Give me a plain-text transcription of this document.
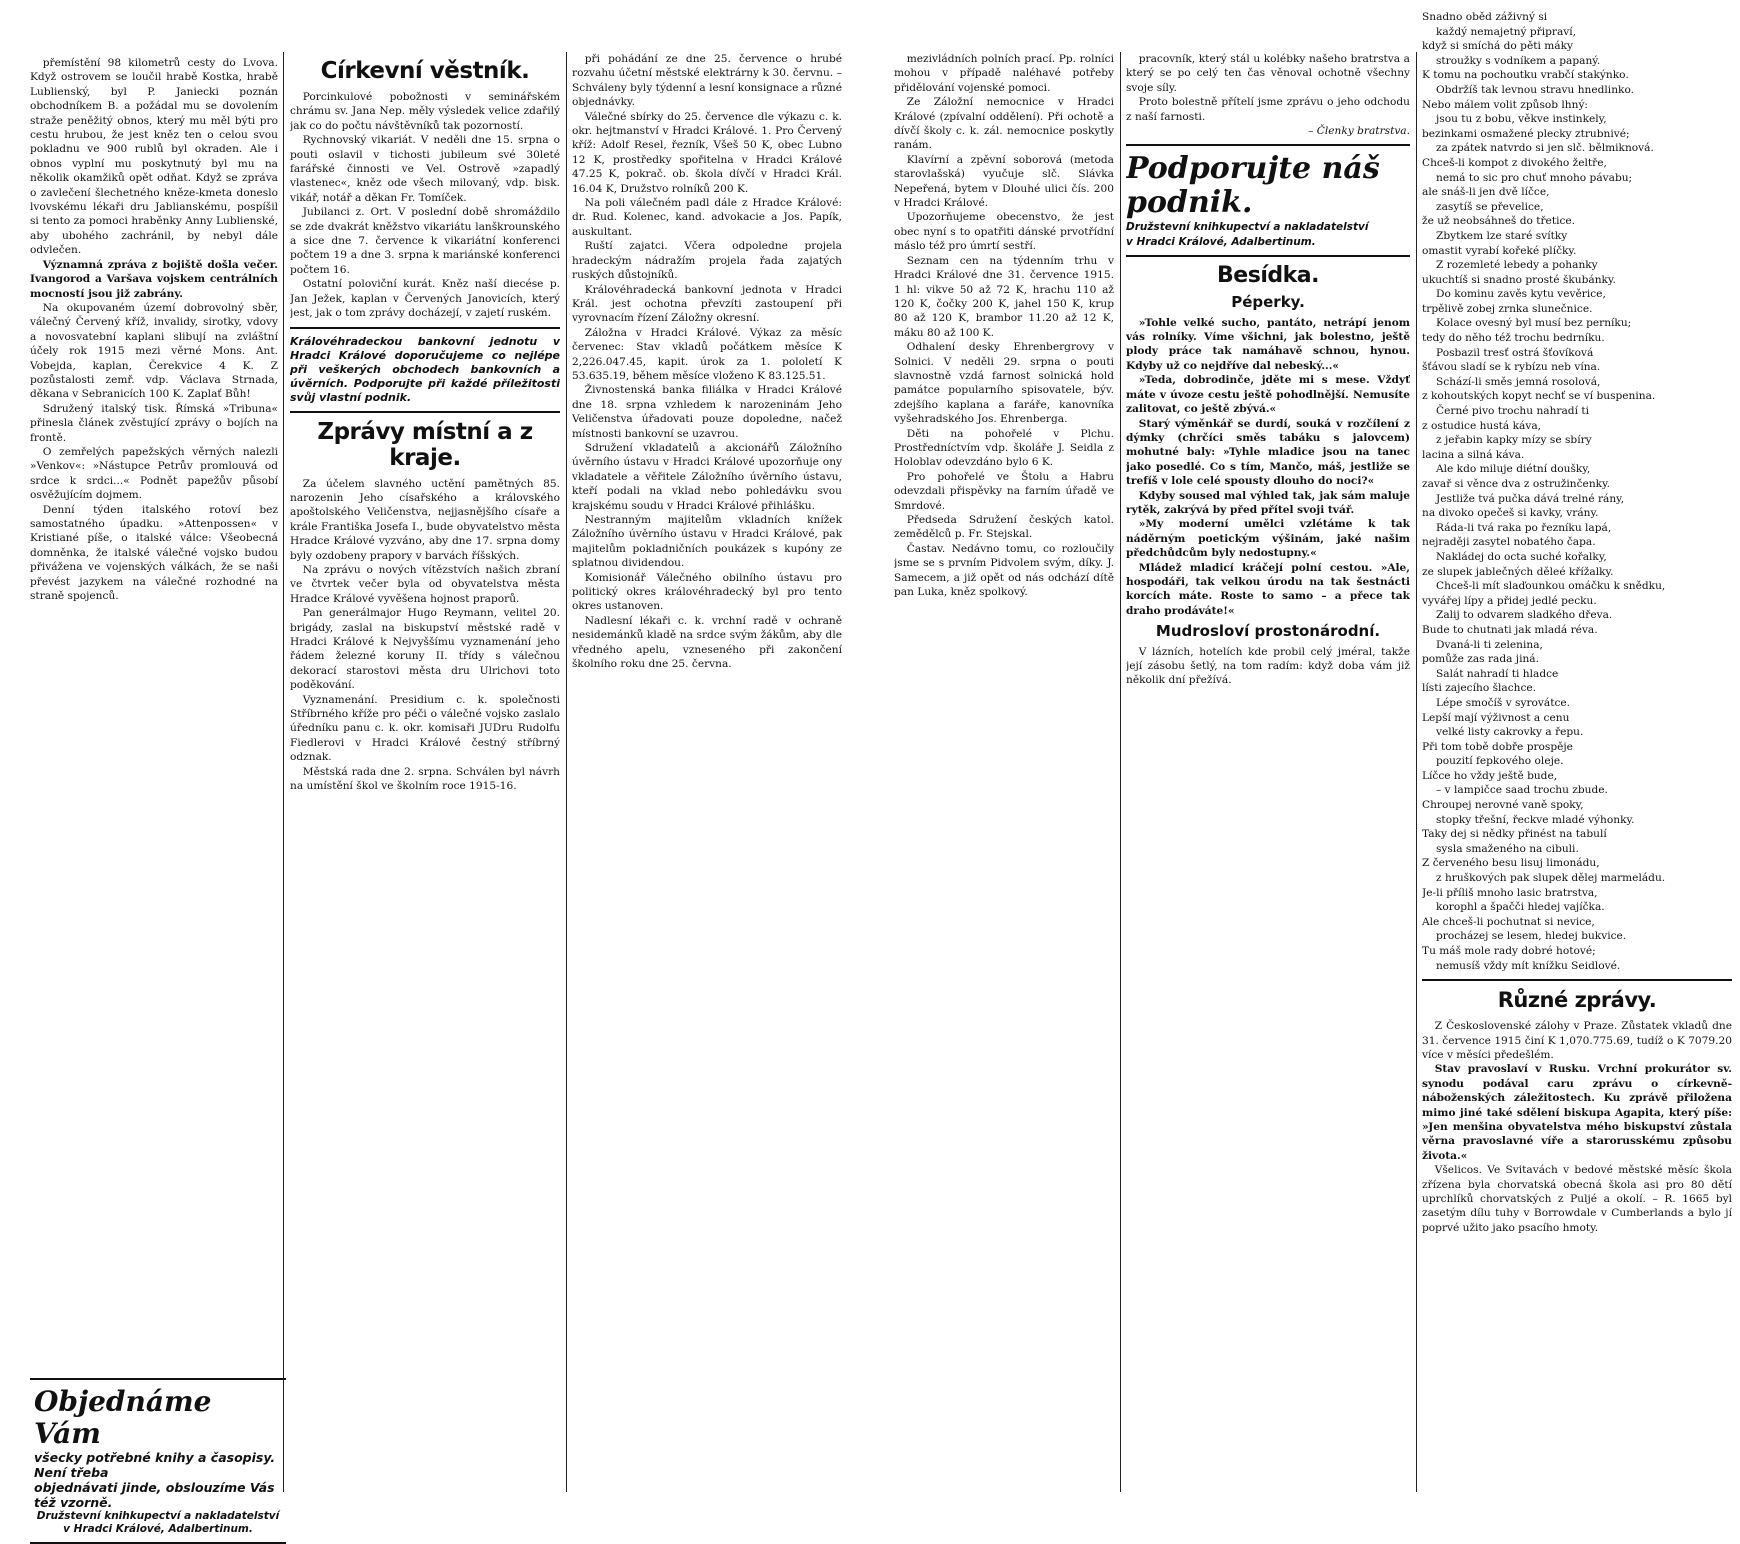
přemístění 98 kilometrů cesty do Lvova. Když ostrovem se loučil hrabě Kostka, hrabě Lublienský, byl P. Janiecki poznán obchodníkem B. a požádal mu se dovolením straže peněžitý obnos, který mu měl býti pro cestu hrubou, že jest kněz ten o celou svou pokladnu ve 900 rublů byl okraden. Ale i obnos vyplní mu poskytnutý byl mu na několik okamžiků opět odňat. Když se zpráva o zavlečení šlechetného kněze-kmeta doneslo lvovskému lékaři dru Jablianskému, pospíšil si tento za pomoci hraběnky Anny Lublienské, aby ubohého zachránil, by nebyl dále odvlečen.

Významná zpráva z bojiště došla večer. Ivangorod a Varšava vojskem centrálních mocností jsou již zabrány.

Na okupovaném území dobrovolný sběr, válečný Červený kříž, invalidy, sirotky, vdovy a novosvatební kaplani slibují na zvláštní účely rok 1915 mezi věrné Mons. Ant. Vobejda, kaplan, Čerekvice 4 K. Z pozůstalosti zemř. vdp. Václava Strnada, děkana v Sebranicích 100 K. Zaplať Bůh!

Sdružený italský tisk. Římská »Tribuna« přinesla článek zvěstující zprávy o bojích na frontě.

O zemřelých papežských věrných nalezli »Venkov«: »Nástupce Petrův promlouvá od srdce k srdci...« Podnět papežův působí osvěžujícím dojmem.

Denní týden italského rotoví bez samostatného úpadku. »Attenpossen« v Kristiané píše, o italské válce: Všeobecná domněnka, že italské válečné vojsko budou přivážena ve vojenských válkách, že se naši převést jazykem na válečné rozhodné na straně spojenců.

Objednáme Vám
všecky potřebné knihy a časopisy. Není třeba
objednávati jinde, obslouzíme Vás též vzorně.
Družstevní knihkupectví a nakladatelství
v Hradci Králové, Adalbertinum.
Církevní věstník.

Porcinkulové pobožnosti v seminářském chrámu sv. Jana Nep. měly výsledek velice zdařilý jak co do počtu návštěvníků tak pozorností.

Rychnovský vikariát. V neděli dne 15. srpna o pouti oslavil v tichosti jubileum své 30leté farářské činnosti ve Vel. Ostrově »zapadlý vlastenec«, kněz ode všech milovaný, vdp. bisk. vikář, notář a děkan Fr. Tomíček.

Jubilanci z. Ort. V poslední době shromáždilo se zde dvakrát kněžstvo vikariátu lanškrounského a sice dne 7. července k vikariátní konferenci počtem 19 a dne 3. srpna k mariánské konferenci počtem 16.

Ostatní poloviční kurát. Kněz naší diecése p. Jan Ježek, kaplan v Červených Janovicích, který jest, jak o tom zprávy docházejí, v zajetí ruském.

Královéhradeckou bankovní jednotu v Hradci Králové doporučujeme co nejlépe při veškerých obchodech bankovních a úvěrních. Podporujte při každé příležitosti svůj vlastní podnik.
Zprávy místní a z kraje.

Za účelem slavného uctění pamětných 85. narozenin Jeho císařského a královského apoštolského Veličenstva, nejjasnějšího císaře a krále Františka Josefa I., bude obyvatelstvo města Hradce Králové vyzváno, aby dne 17. srpna domy byly ozdobeny prapory v barvách říšských.

Na zprávu o nových vítězstvích našich zbraní ve čtvrtek večer byla od obyvatelstva města Hradce Králové vyvěšena hojnost praporů.

Pan generálmajor Hugo Reymann, velitel 20. brigády, zaslal na biskupství městské radě v Hradci Králové k Nejvyššímu vyznamenání jeho řádem železné koruny II. třídy s válečnou dekorací starostovi města dru Ulrichovi toto poděkování.

Vyznamenání. Presidium c. k. společnosti Stříbrného kříže pro péči o válečné vojsko zaslalo úředníku panu c. k. okr. komisaři JUDru Rudolfu Fiedlerovi v Hradci Králové čestný stříbrný odznak.

Městská rada dne 2. srpna. Schválen byl návrh na umístění škol ve školním roce 1915-16.

při pohádání ze dne 25. července o hrubé rozvahu účetní městské elektrárny k 30. červnu. – Schváleny byly týdenní a lesní konsignace a různé objednávky.

Válečné sbírky do 25. července dle výkazu c. k. okr. hejtmanství v Hradci Králové. 1. Pro Červený kříž: Adolf Resel, řezník, Všeš 50 K, obec Lubno 12 K, prostředky spořitelna v Hradci Králové 47.25 K, pokrač. ob. škola dívčí v Hradci Král. 16.04 K, Družstvo rolníků 200 K.

Na poli válečném padl dále z Hradce Králové: dr. Rud. Kolenec, kand. advokacie a Jos. Papík, auskultant.

Ruští zajatci. Včera odpoledne projela hradeckým nádražím projela řada zajatých ruských důstojníků.

Královéhradecká bankovní jednota v Hradci Král. jest ochotna převzíti zastoupení při vyrovnacím řízení Záložny okresní.

Záložna v Hradci Králové. Výkaz za měsíc červenec: Stav vkladů počátkem měsíce K 2,226.047.45, kapit. úrok za 1. pololetí K 53.635.19, během měsíce vloženo K 83.125.51.

Živnostenská banka filiálka v Hradci Králové dne 18. srpna vzhledem k narozeninám Jeho Veličenstva úřadovati pouze dopoledne, načež místnosti bankovní se uzavrou.

Sdružení vkladatelů a akcionářů Záložního úvěrního ústavu v Hradci Králové upozorňuje ony vkladatele a věřitele Záložního úvěrního ústavu, kteří podali na vklad nebo pohledávku svou krajskému soudu v Hradci Králové přihlášku.

Nestranným majitelům vkladních knížek Záložního úvěrního ústavu v Hradci Králové, pak majitelům pokladničních poukázek s kupóny ze splatnou dividendou.

Komisionář Válečného obilního ústavu pro politický okres královéhradecký byl pro tento okres ustanoven.

Nadlesní lékaři c. k. vrchní radě v ochraně nesidemánků kladě na srdce svým žákům, aby dle vředného apelu, vzneseného při zakončení školního roku dne 25. června.

mezivládních polních prací. Pp. rolníci mohou v případě naléhavé potřeby přidělování vojenské pomoci.

Ze Záložní nemocnice v Hradci Králové (zpívalní oddělení). Při ochotě a dívčí školy c. k. zál. nemocnice poskytly ranám.

Klavírní a zpěvní soborová (metoda starovlašská) vyučuje slč. Slávka Nepeřená, bytem v Dlouhé ulici čís. 200 v Hradci Králové.

Upozorňujeme obecenstvo, že jest obec nyní s to opatřiti dánské prvotřídní máslo též pro úmrtí sestří.

Seznam cen na týdenním trhu v Hradci Králové dne 31. července 1915. 1 hl: vikve 50 až 72 K, hrachu 110 až 120 K, čočky 200 K, jahel 150 K, krup 80 až 120 K, brambor 11.20 až 12 K, máku 80 až 100 K.

Odhalení desky Ehrenbergrovy v Solnici. V neděli 29. srpna o pouti slavnostně vzdá farnost solnická hold památce popularního spisovatele, býv. zdejšího kaplana a faráře, kanovníka vyšehradského Jos. Ehrenberga.

Děti na pohořelé v Plchu. Prostředníctvím vdp. školáře J. Seidla z Holoblav odevzdáno bylo 6 K.

Pro pohořelé ve Štolu a Habru odevzdali přispěvky na farním úřadě ve Smrdové.

Předseda Sdružení českých katol. zemědělců p. Fr. Stejskal.

Častav. Nedávno tomu, co rozloučily jsme se s prvním Pidvolem svým, díky. J. Samecem, a již opět od nás odchází dítě pan Luka, kněz spolkový.

pracovník, který stál u kolébky našeho bratrstva a který se po celý ten čas věnoval ochotně všechny svoje síly.

Proto bolestně přítelí jsme zprávu o jeho odchodu z naší farnosti.

– Členky bratrstva.
Podporujte náš podnik.
Družstevní knihkupectví a nakladatelství
v Hradci Králové, Adalbertinum.
Besídka.
Péperky.

»Tohle velké sucho, pantáto, netrápí jenom vás rolníky. Víme všichni, jak bolestno, ještě plody práce tak namáhavě schnou, hynou. Kdyby už co nejdříve dal nebeský...«

»Teda, dobrodinče, jděte mi s mese. Vždyť máte v úvoze cestu ještě pohodlnější. Nemusíte zalitovat, co ještě zbývá.«

Starý výměnkář se durdí, souká v rozčílení z dýmky (chrčíci směs tabáku s jalovcem) mohutné baly: »Tyhle mladice jsou na tanec jako posedlé. Co s tím, Mančo, máš, jestliže se trefíš v lole celé spousty dlouho do noci?«

Kdyby soused mal výhled tak, jak sám maluje rytěk, zakrývá by před přítel svoji tvář.

»My moderní umělci vzlétáme k tak náděrným poetickým výšinám, jaké našim předchůdcům byly nedostupny.«

Mládež mladicí kráčejí polní cestou. »Ale, hospodáři, tak velkou úrodu na tak šestnácti korcích máte. Roste to samo – a přece tak draho prodáváte!«

Mudrosloví prostonárodní.

V lázních, hotelích kde probil celý jméral, takže její zásobu šetlý, na tom radím: když doba vám již několik dní přežívá.

Snadno oběd záživný si
každý nemajetný připraví,
když si smíchá do pěti máky
stroužky s vodníkem a papaný.
K tomu na pochoutku vrabčí stakýnko.
Obdržíš tak levnou stravu hnedlinko.
Nebo málem volit způsob lhný:
jsou tu z bobu, věkve instinkely,
bezinkami osmažené plecky ztrubnivé;
za zpátek natvrdo si jen slč. bělmiknová.
Chceš-li kompot z divokého želtře,
nemá to sic pro chuť mnoho pávabu;
ale snáš-li jen dvě líčce,
zasytíš se převelice,
že už neobsáhneš do třetice.
Zbytkem lze staré svítky
omastit vyrabí kořeké plíčky.
Z rozemleté lebedy a pohanky
ukuchtíš si snadno prosté škubánky.
Do kominu zavěs kytu vevěrice,
trpělivě zobej zrnka slunečnice.
Kolace ovesný byl musí bez perníku;
tedy do něho též trochu bedrníku.
Posbazil tresť ostrá šťovíková
šťávou sladí se k rybízu neb vína.
Schází-li směs jemná rosolová,
z kohoutských kopyt nechť se ví buspenina.
Černé pivo trochu nahradí ti
z ostudice hustá káva,
z jeřabin kapky mízy se sbíry
lacina a silná káva.
Ale kdo miluje diétní doušky,
zavař si věnce dva z ostružinčenky.
Jestliže tvá pučka dává trelné rány,
na divoko opečeš si kavky, vrány.
Ráda-li tvá raka po řezníku lapá,
nejraději zasytel nobatého čapa.
Nakládej do octa suché kořalky,
ze slupek jablečných děleé křížalky.
Chceš-li mít slaďounkou omáčku k snědku,
vyvářej lípy a přidej jedlé pecku.
Zalij to odvarem sladkého dřeva.
Bude to chutnati jak mladá réva.
Dvaná-li ti zelenina,
pomůže zas rada jiná.
Salát nahradí ti hladce
lísti zajecího šlachce.
Lépe smočíš v syrovátce.
Lepší mají výživnost a cenu
velké listy cakrovky a řepu.
Při tom tobě dobře prospěje
pouzití fepkového oleje.
Líčce ho vždy ještě bude,
– v lampičce saad trochu zbude.
Chroupej nerovné vaně spoky,
stopky třešní, řeckve mladé výhonky.
Taky dej si nědky přinést na tabulí
sysla smaženého na cibuli.
Z červeného besu lisuj limonádu,
z hruškových pak slupek dělej marmeládu.
Je-li příliš mnoho lasic bratrstva,
korophl a špačči hledej vajíčka.
Ale chceš-li pochutnat si nevice,
procházej se lesem, hledej bukvice.
Tu máš mole rady dobré hotové;
nemusíš vždy mít knížku Seidlové.
Různé zprávy.

Z Československé zálohy v Praze. Zůstatek vkladů dne 31. července 1915 činí K 1,070.775.69, tudíž o K 7079.20 více v měsíci předešlém.

Stav pravoslaví v Rusku. Vrchní prokurátor sv. synodu podával caru zprávu o církevně-náboženských záležitostech. Ku zprávě přiložena mimo jiné také sdělení biskupa Agapita, který píše: »Jen menšina obyvatelstva mého biskupství zůstala věrna pravoslavné víře a starorusskému způsobu života.«

Všelicos. Ve Svitavách v bedové městské měsíc škola zřízena byla chorvatská obecná škola asi pro 80 dětí uprchlíků chorvatských z Puljé a okolí. – R. 1665 byl zasetým dílu tuhy v Borrowdale v Cumberlands a bylo jí poprvé užito jako psacího hmoty.
